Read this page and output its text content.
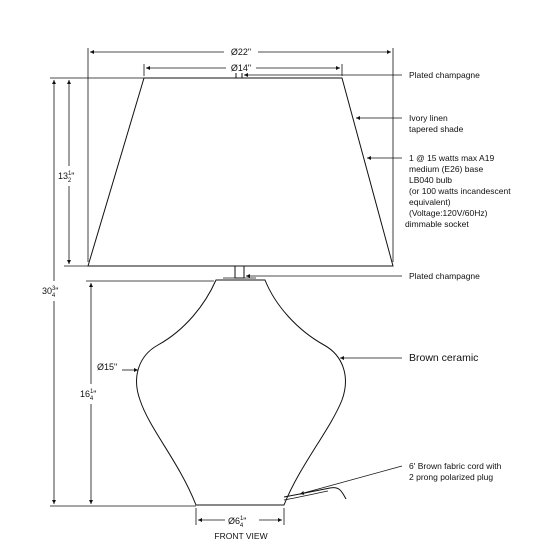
Ø22"
Ø14"
$30^3$ 4"
$13^1$ 2"
$16^1$ 4"
Ø15"
$Ø6^1$ 4"
FRONT VIEW
Plated champagne
Ivory linen tapered shade
1 @ 15 watts max A19 medium (E26) base LB040 bulb (or 100 watts incandescent equivalent) (Voltage:120V/60Hz) dimmable socket
Plated champagne
Brown ceramic
6' Brown fabric cord with 2 prong polarized plug
